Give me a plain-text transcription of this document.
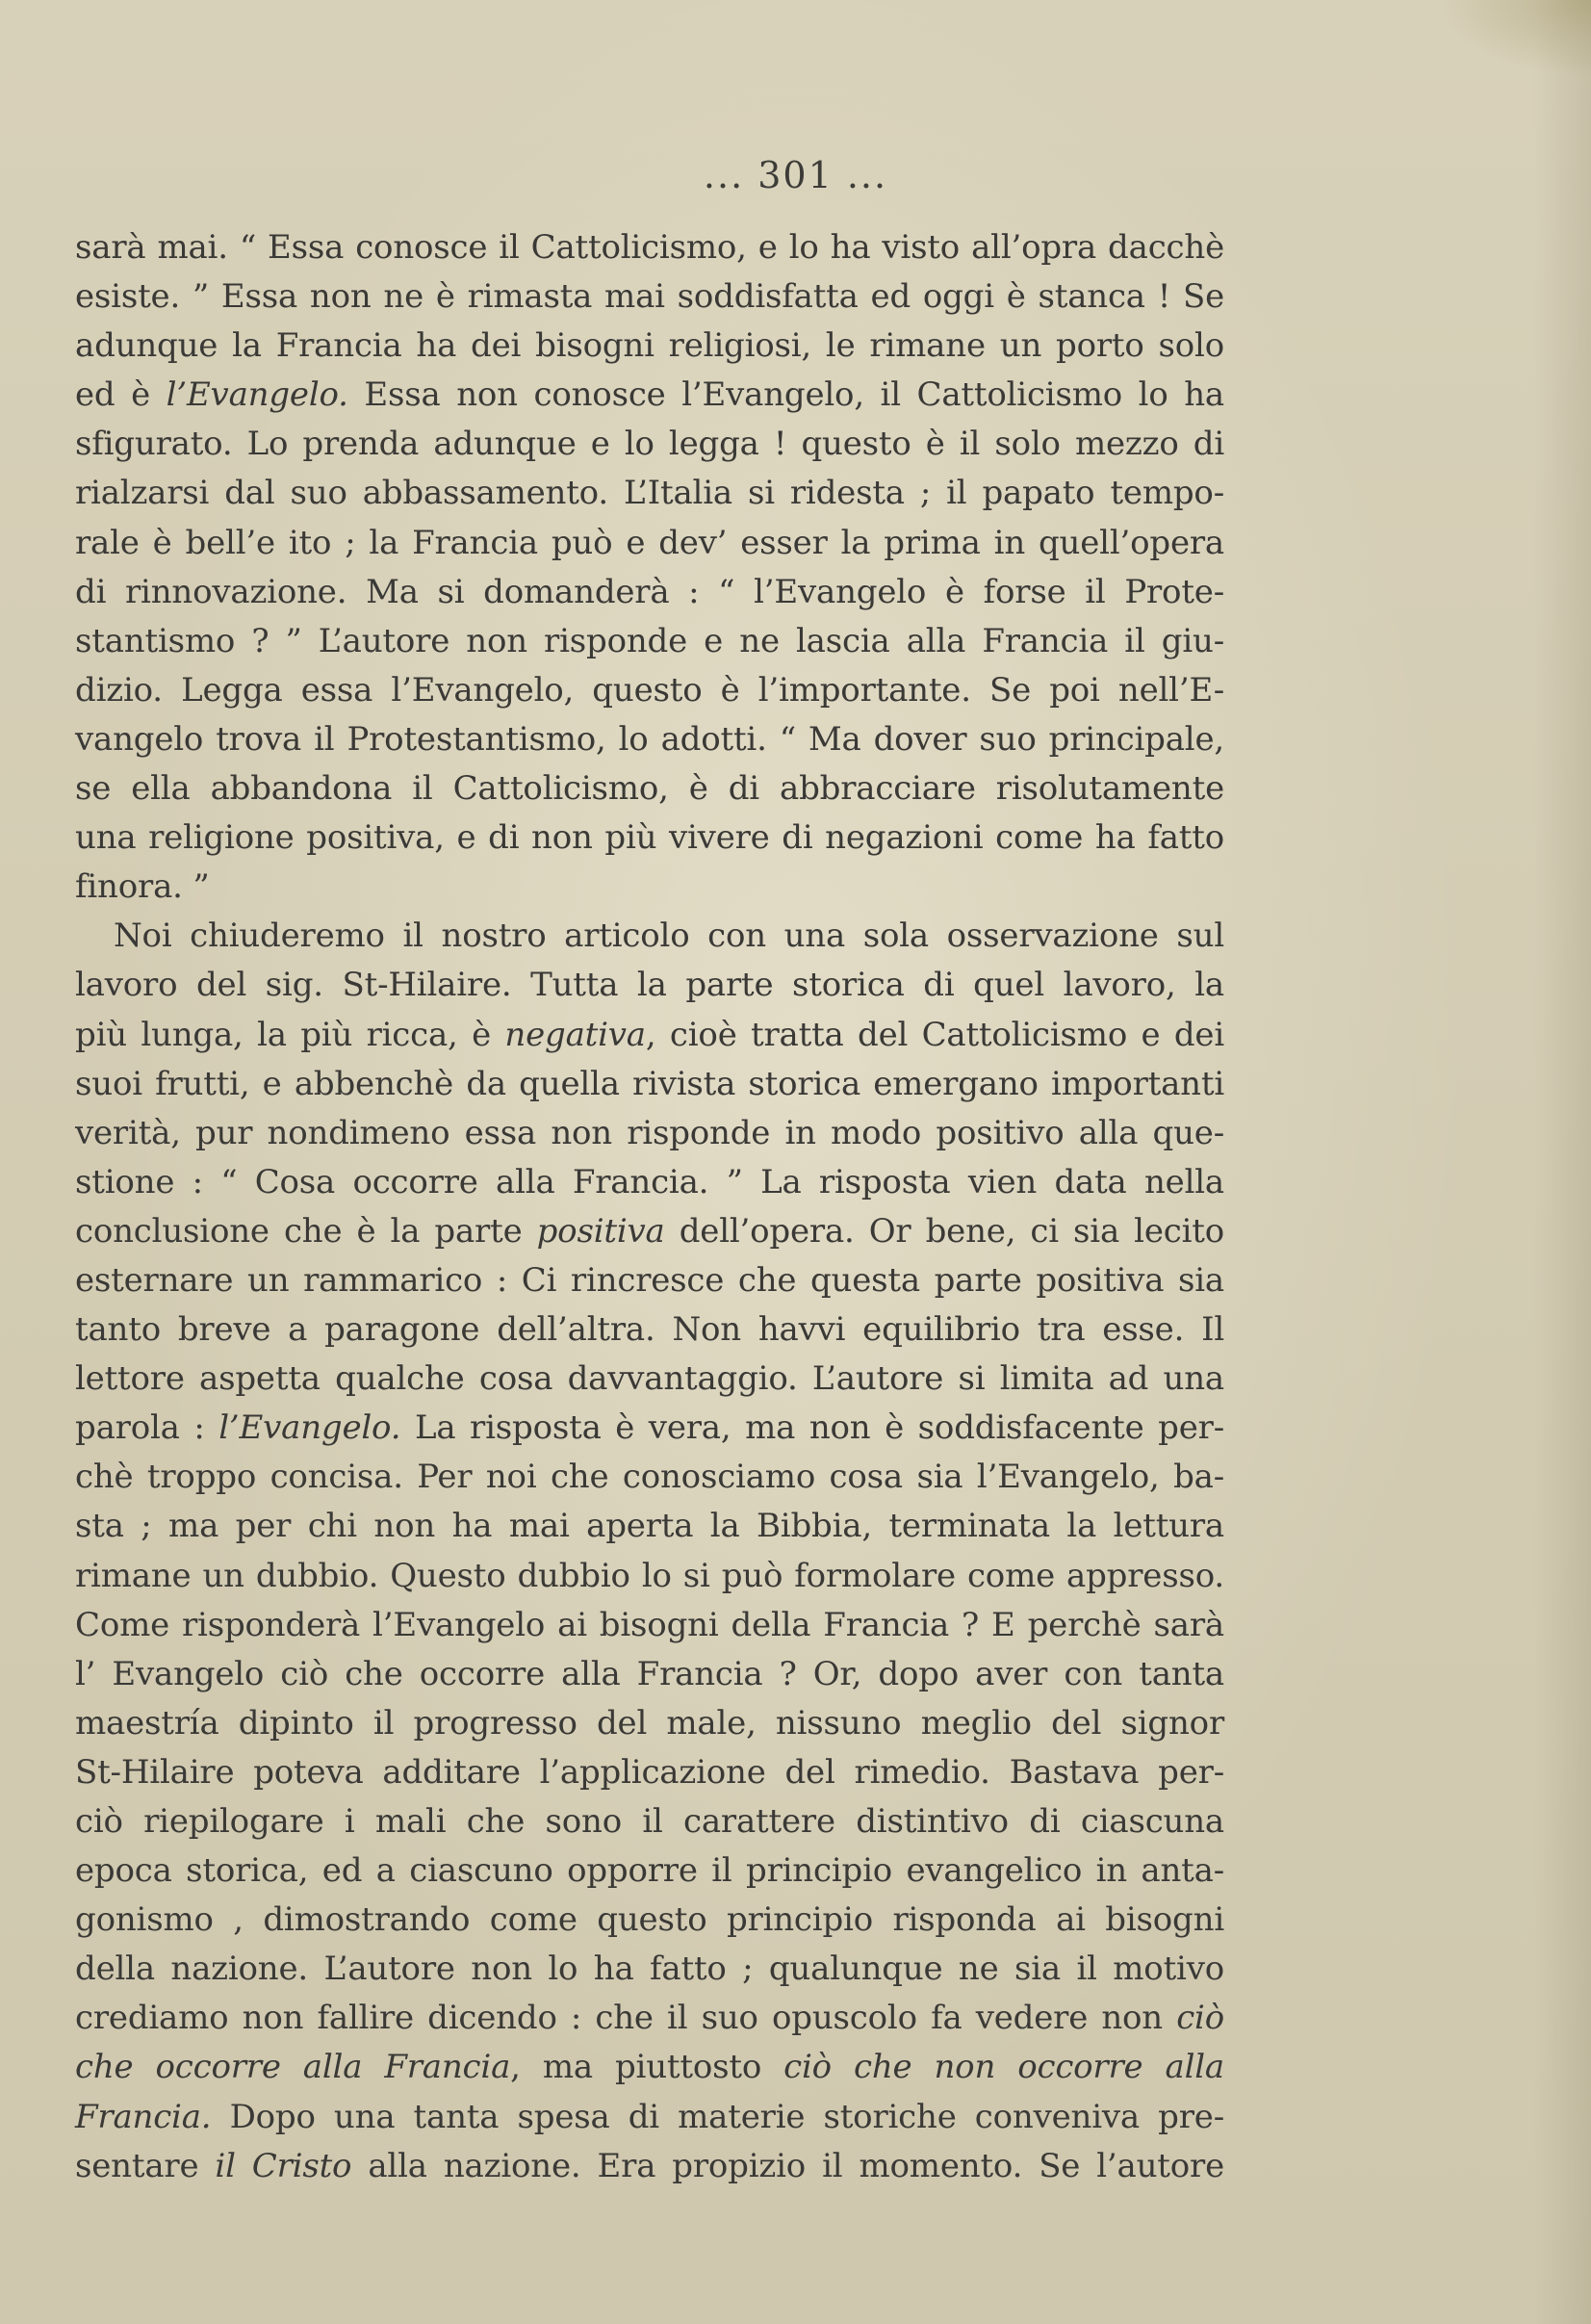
... 301 ...
sarà mai. “ Essa conosce il Cattolicismo, e lo ha visto all’opra dacchè
esiste. ” Essa non ne è rimasta mai soddisfatta ed oggi è stanca ! Se
adunque la Francia ha dei bisogni religiosi, le rimane un porto solo
ed è l’Evangelo. Essa non conosce l’Evangelo, il Cattolicismo lo ha
sfigurato. Lo prenda adunque e lo legga ! questo è il solo mezzo di
rialzarsi dal suo abbassamento. L’Italia si ridesta ; il papato tempo-
rale è bell’e ito ; la Francia può e dev’ esser la prima in quell’opera
di rinnovazione. Ma si domanderà : “ l’Evangelo è forse il Prote-
stantismo ? ” L’autore non risponde e ne lascia alla Francia il giu-
dizio. Legga essa l’Evangelo, questo è l’importante. Se poi nell’E-
vangelo trova il Protestantismo, lo adotti. “ Ma dover suo principale,
se ella abbandona il Cattolicismo, è di abbracciare risolutamente
una religione positiva, e di non più vivere di negazioni come ha fatto
finora. ”
Noi chiuderemo il nostro articolo con una sola osservazione sul
lavoro del sig. St-Hilaire. Tutta la parte storica di quel lavoro, la
più lunga, la più ricca, è negativa, cioè tratta del Cattolicismo e dei
suoi frutti, e abbenchè da quella rivista storica emergano importanti
verità, pur nondimeno essa non risponde in modo positivo alla que-
stione : “ Cosa occorre alla Francia. ” La risposta vien data nella
conclusione che è la parte positiva dell’opera. Or bene, ci sia lecito
esternare un rammarico : Ci rincresce che questa parte positiva sia
tanto breve a paragone dell’altra. Non havvi equilibrio tra esse. Il
lettore aspetta qualche cosa davvantaggio. L’autore si limita ad una
parola : l’Evangelo. La risposta è vera, ma non è soddisfacente per-
chè troppo concisa. Per noi che conosciamo cosa sia l’Evangelo, ba-
sta ; ma per chi non ha mai aperta la Bibbia, terminata la lettura
rimane un dubbio. Questo dubbio lo si può formolare come appresso.
Come risponderà l’Evangelo ai bisogni della Francia ? E perchè sarà
l’ Evangelo ciò che occorre alla Francia ? Or, dopo aver con tanta
maestría dipinto il progresso del male, nissuno meglio del signor
St-Hilaire poteva additare l’applicazione del rimedio. Bastava per-
ciò riepilogare i mali che sono il carattere distintivo di ciascuna
epoca storica, ed a ciascuno opporre il principio evangelico in anta-
gonismo , dimostrando come questo principio risponda ai bisogni
della nazione. L’autore non lo ha fatto ; qualunque ne sia il motivo
crediamo non fallire dicendo : che il suo opuscolo fa vedere non ciò
che occorre alla Francia, ma piuttosto ciò che non occorre alla
Francia. Dopo una tanta spesa di materie storiche conveniva pre-
sentare il Cristo alla nazione. Era propizio il momento. Se l’autore
